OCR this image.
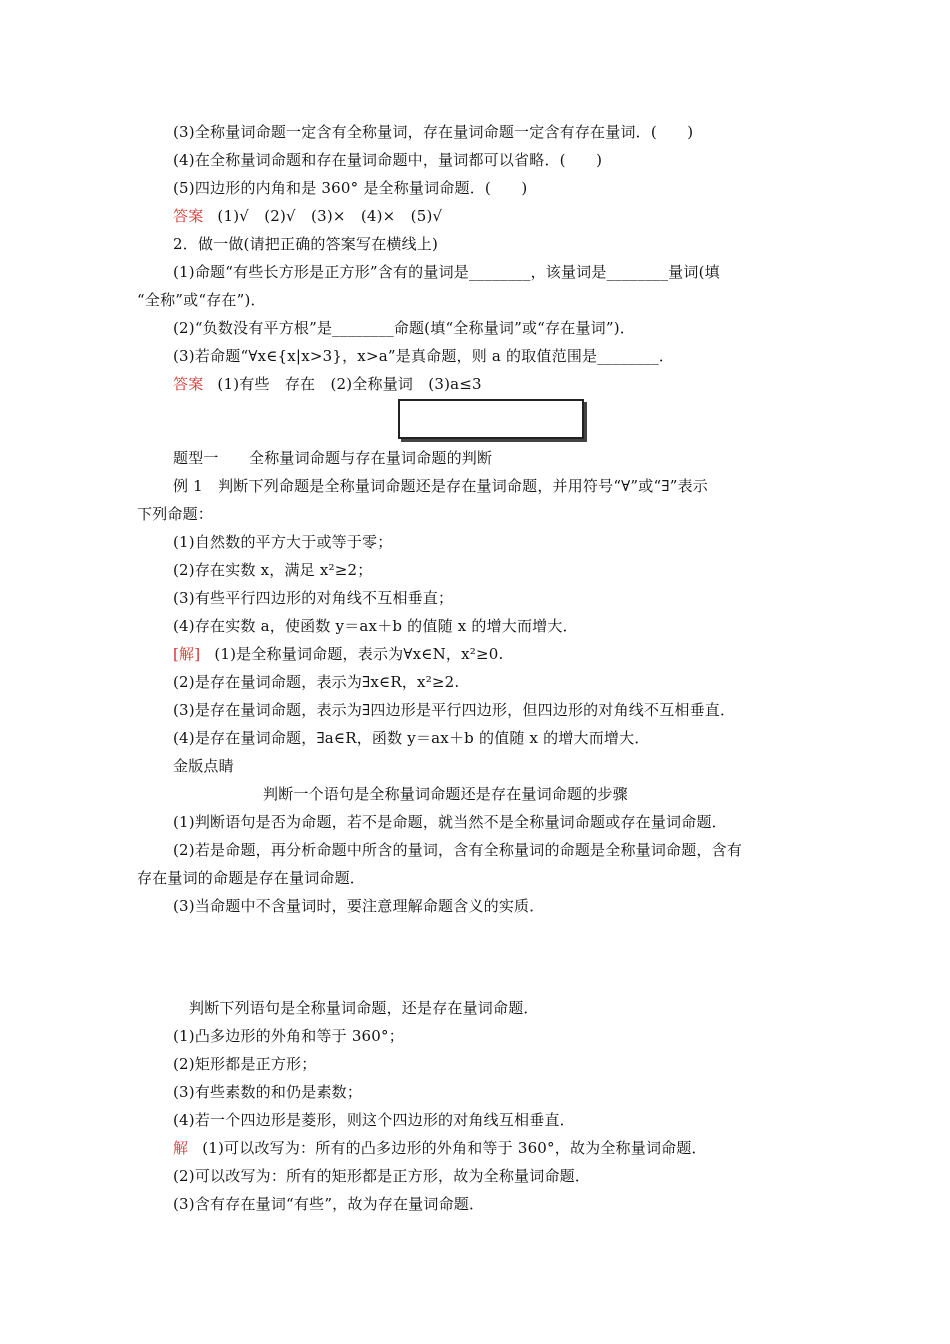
(3)全称量词命题一定含有全称量词，存在量词命题一定含有存在量词．(　　)
(4)在全称量词命题和存在量词命题中，量词都可以省略．(　　)
(5)四边形的内角和是 360° 是全称量词命题．(　　)
答案 (1)√　(2)√　(3)×　(4)×　(5)√
2．做一做(请把正确的答案写在横线上)
(1)命题“有些长方形是正方形”含有的量词是________，该量词是________量词(填
“全称”或“存在”)．
(2)“负数没有平方根”是________命题(填“全称量词”或“存在量词”)．
(3)若命题“∀x∈{x|x>3}，x>a”是真命题，则 a 的取值范围是________．
答案 (1)有些　存在　(2)全称量词　(3)a≤3
题型一　　全称量词命题与存在量词命题的判断
例 1　判断下列命题是全称量词命题还是存在量词命题，并用符号“∀”或“∃”表示
下列命题：
(1)自然数的平方大于或等于零；
(2)存在实数 x，满足 x²≥2；
(3)有些平行四边形的对角线不互相垂直；
(4)存在实数 a，使函数 y＝ax＋b 的值随 x 的增大而增大．
[解] (1)是全称量词命题，表示为∀x∈N，x²≥0.
(2)是存在量词命题，表示为∃x∈R，x²≥2.
(3)是存在量词命题，表示为∃四边形是平行四边形，但四边形的对角线不互相垂直．
(4)是存在量词命题，∃a∈R，函数 y＝ax＋b 的值随 x 的增大而增大．
金版点睛
判断一个语句是全称量词命题还是存在量词命题的步骤
(1)判断语句是否为命题，若不是命题，就当然不是全称量词命题或存在量词命题．
(2)若是命题，再分析命题中所含的量词，含有全称量词的命题是全称量词命题，含有
存在量词的命题是存在量词命题．
(3)当命题中不含量词时，要注意理解命题含义的实质．
判断下列语句是全称量词命题，还是存在量词命题．
(1)凸多边形的外角和等于 360°；
(2)矩形都是正方形；
(3)有些素数的和仍是素数；
(4)若一个四边形是菱形，则这个四边形的对角线互相垂直．
解 (1)可以改写为：所有的凸多边形的外角和等于 360°，故为全称量词命题．
(2)可以改写为：所有的矩形都是正方形，故为全称量词命题．
(3)含有存在量词“有些”，故为存在量词命题．
